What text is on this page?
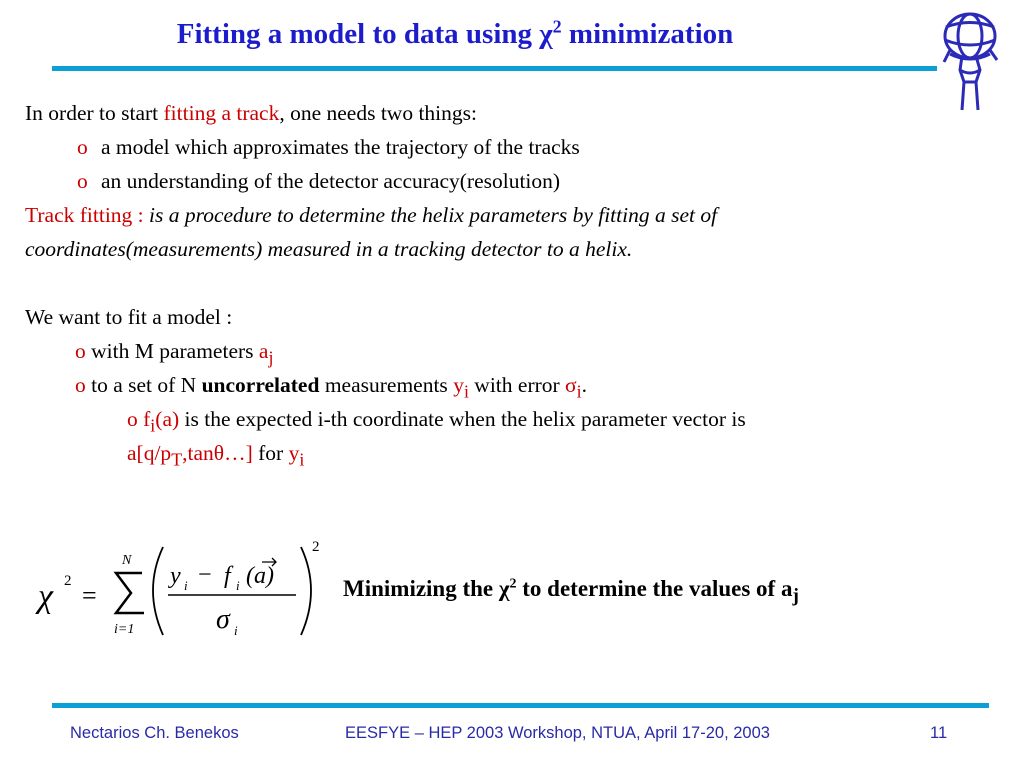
Fitting a model to data using $\chi^2$ minimization
In order to start fitting a track, one needs two things:
o a model which approximates the trajectory of the tracks
o an understanding of the detector accuracy(resolution)
Track fitting : is a procedure to determine the helix parameters by fitting a set of
coordinates(measurements) measured in a tracking detector to a helix.
We want to fit a model :
o with M parameters $a_j$
o to a set of N uncorrelated measurements $y_i$ with error $\sigma_i$.
o $f_i(a)$ is the expected i-th coordinate when the helix parameter vector is
$a[q/p_T,\tan\theta\dots]$ for $y_i$
χ 2 =
N
i=1
y i − f i (a)
σ i
2
Minimizing the $\chi^2$ to determine the values of $a_j$
Nectarios Ch. Benekos	EESFYE – HEP 2003 Workshop, NTUA, April 17-20, 2003	11
